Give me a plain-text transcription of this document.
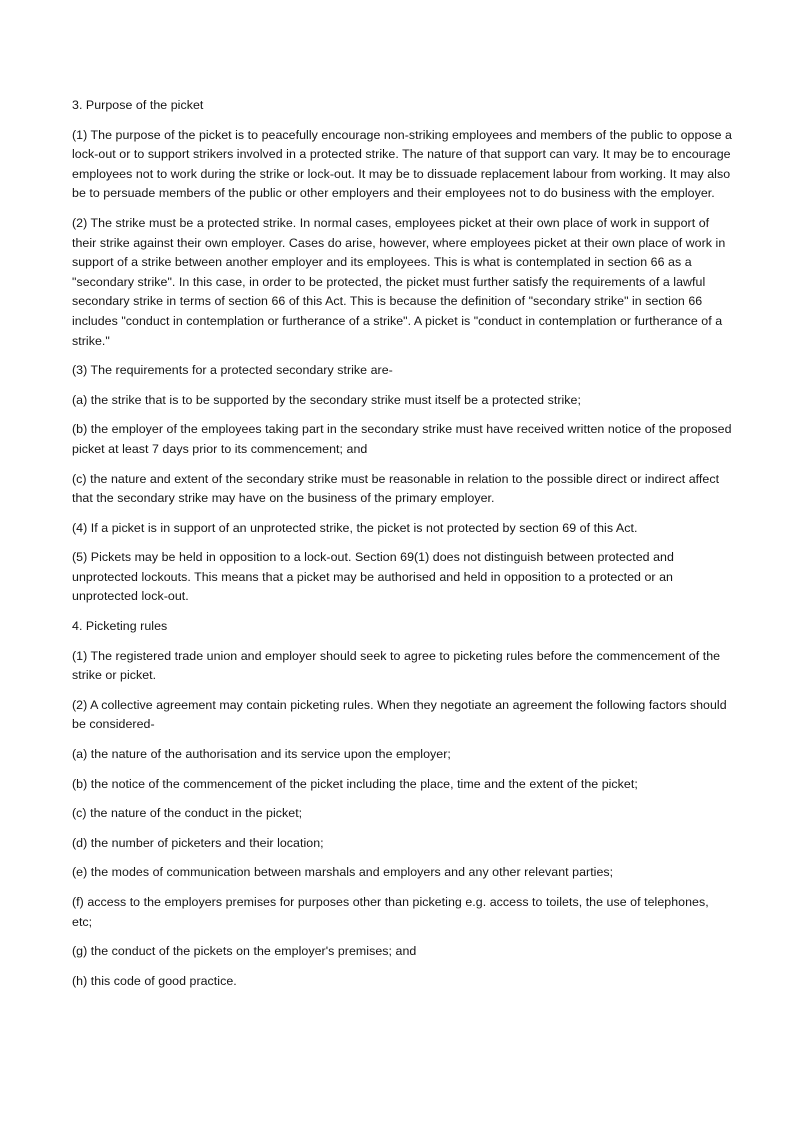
3. Purpose of the picket

(1) The purpose of the picket is to peacefully encourage non-striking employees and members of the public to oppose a lock-out or to support strikers involved in a protected strike. The nature of that support can vary. It may be to encourage employees not to work during the strike or lock-out. It may be to dissuade replacement labour from working. It may also be to persuade members of the public or other employers and their employees not to do business with the employer.

(2) The strike must be a protected strike. In normal cases, employees picket at their own place of work in support of their strike against their own employer. Cases do arise, however, where employees picket at their own place of work in support of a strike between another employer and its employees. This is what is contemplated in section 66 as a "secondary strike". In this case, in order to be protected, the picket must further satisfy the requirements of a lawful secondary strike in terms of section 66 of this Act. This is because the definition of "secondary strike" in section 66 includes "conduct in contemplation or furtherance of a strike". A picket is "conduct in contemplation or furtherance of a strike."

(3) The requirements for a protected secondary strike are-

(a) the strike that is to be supported by the secondary strike must itself be a protected strike;

(b) the employer of the employees taking part in the secondary strike must have received written notice of the proposed picket at least 7 days prior to its commencement; and

(c) the nature and extent of the secondary strike must be reasonable in relation to the possible direct or indirect affect that the secondary strike may have on the business of the primary employer.

(4) If a picket is in support of an unprotected strike, the picket is not protected by section 69 of this Act.

(5) Pickets may be held in opposition to a lock-out. Section 69(1) does not distinguish between protected and unprotected lockouts. This means that a picket may be authorised and held in opposition to a protected or an unprotected lock-out.

4. Picketing rules

(1) The registered trade union and employer should seek to agree to picketing rules before the commencement of the strike or picket.

(2) A collective agreement may contain picketing rules. When they negotiate an agreement the following factors should be considered-

(a) the nature of the authorisation and its service upon the employer;

(b) the notice of the commencement of the picket including the place, time and the extent of the picket;

(c) the nature of the conduct in the picket;

(d) the number of picketers and their location;

(e) the modes of communication between marshals and employers and any other relevant parties;

(f) access to the employers premises for purposes other than picketing e.g. access to toilets, the use of telephones, etc;

(g) the conduct of the pickets on the employer's premises; and

(h) this code of good practice.
